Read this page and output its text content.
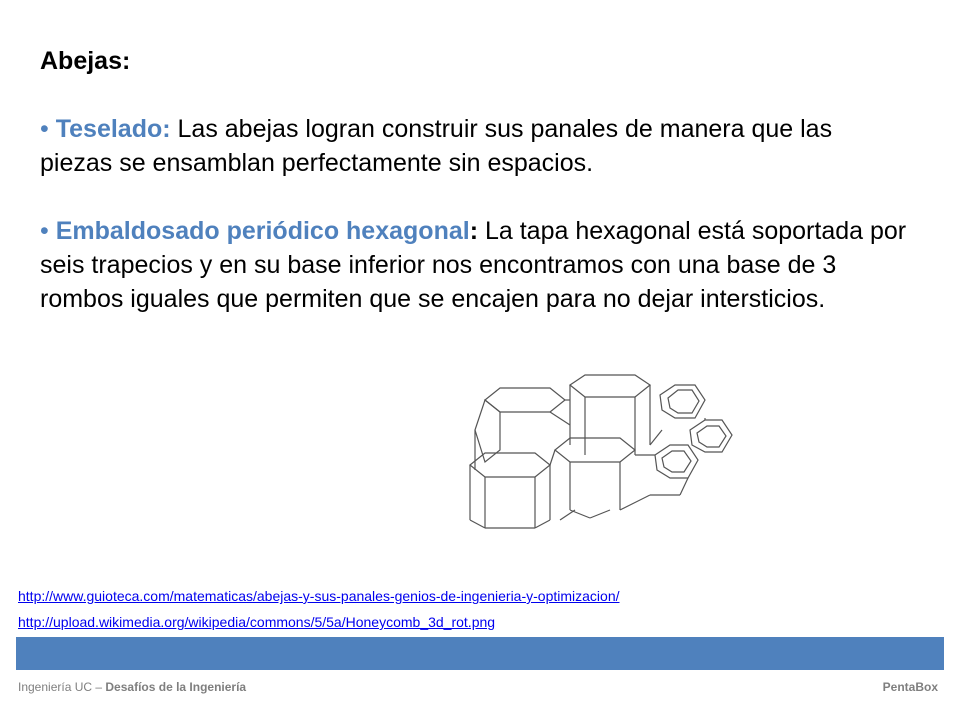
Abejas:
• Teselado: Las abejas logran construir sus panales de manera que las piezas se ensamblan perfectamente sin espacios.
• Embaldosado periódico hexagonal: La tapa hexagonal está soportada por seis trapecios y en su base inferior nos encontramos con una base de 3 rombos iguales que permiten que se encajen para no dejar intersticios.
http://www.guioteca.com/matematicas/abejas-y-sus-panales-genios-de-ingenieria-y-optimizacion/
http://upload.wikimedia.org/wikipedia/commons/5/5a/Honeycomb_3d_rot.png
Ingeniería UC – Desafíos de la Ingeniería	PentaBox
